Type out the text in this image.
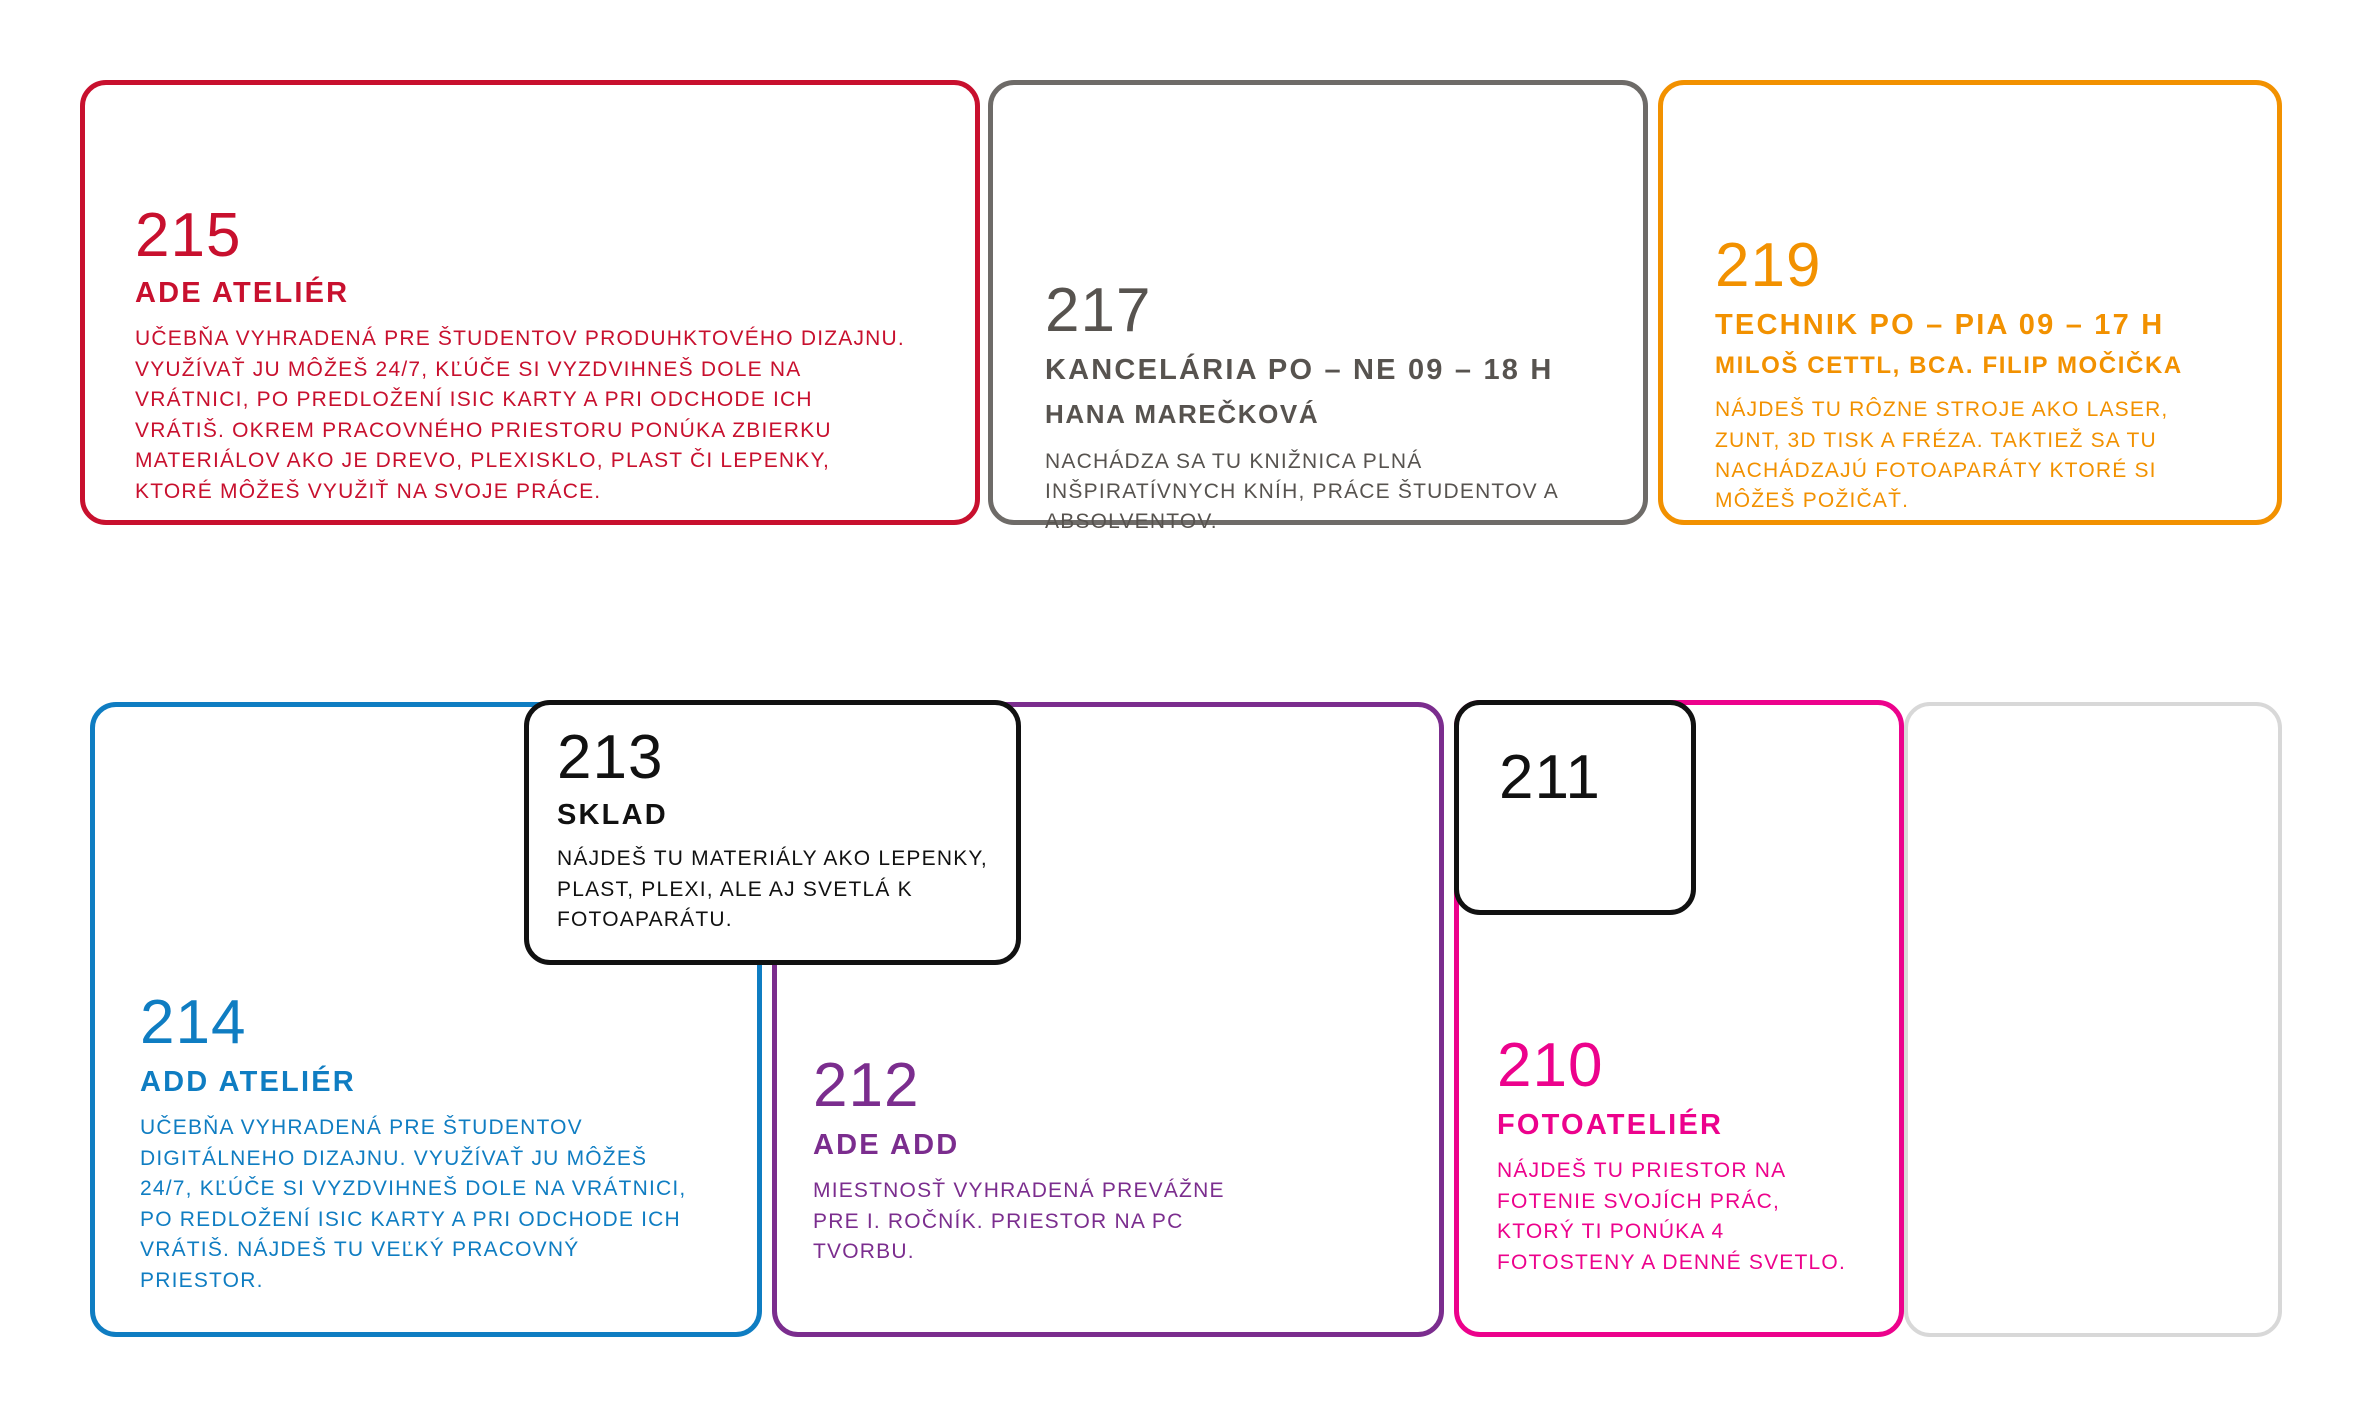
215
ADE ATELIÉR
UČEBŇA VYHRADENÁ PRE ŠTUDENTOV PRODUHKTOVÉHO DIZAJNU. VYUŽÍVAŤ JU MÔŽEŠ 24/7, KĽÚČE SI VYZDVIHNEŠ DOLE NA VRÁTNICI, PO PREDLOŽENÍ ISIC KARTY A PRI ODCHODE ICH VRÁTIŠ. OKREM PRACOVNÉHO PRIESTORU PONÚKA ZBIERKU MATERIÁLOV AKO JE DREVO, PLEXISKLO, PLAST ČI LEPENKY, KTORÉ MÔŽEŠ VYUŽIŤ NA SVOJE PRÁCE.
217
KANCELÁRIA PO – NE 09 – 18 H
HANA MAREČKOVÁ
NACHÁDZA SA TU KNIŽNICA PLNÁ INŠPIRATÍVNYCH KNÍH, PRÁCE ŠTUDENTOV A ABSOLVENTOV.
219
TECHNIK PO – PIA 09 – 17 H
MILOŠ CETTL, BCA. FILIP MOČIČKA
NÁJDEŠ TU RÔZNE STROJE AKO LASER, ZUNT, 3D TISK A FRÉZA. TAKTIEŽ SA TU NACHÁDZAJÚ FOTOAPARÁTY KTORÉ SI MÔŽEŠ POŽIČAŤ.
214
ADD ATELIÉR
UČEBŇA VYHRADENÁ PRE ŠTUDENTOV DIGITÁLNEHO DIZAJNU. VYUŽÍVAŤ JU MÔŽEŠ 24/7, KĽÚČE SI VYZDVIHNEŠ DOLE NA VRÁTNICI, PO REDLOŽENÍ ISIC KARTY A PRI ODCHODE ICH VRÁTIŠ. NÁJDEŠ TU VEĽKÝ PRACOVNÝ PRIESTOR.
212
ADE ADD
MIESTNOSŤ VYHRADENÁ PREVÁŽNE PRE I. ROČNÍK. PRIESTOR NA PC TVORBU.
213
SKLAD
NÁJDEŠ TU MATERIÁLY AKO LEPENKY, PLAST, PLEXI, ALE AJ SVETLÁ K FOTOAPARÁTU.
210
FOTOATELIÉR
NÁJDEŠ TU PRIESTOR NA FOTENIE SVOJÍCH PRÁC, KTORÝ TI PONÚKA 4 FOTOSTENY A DENNÉ SVETLO.
211
